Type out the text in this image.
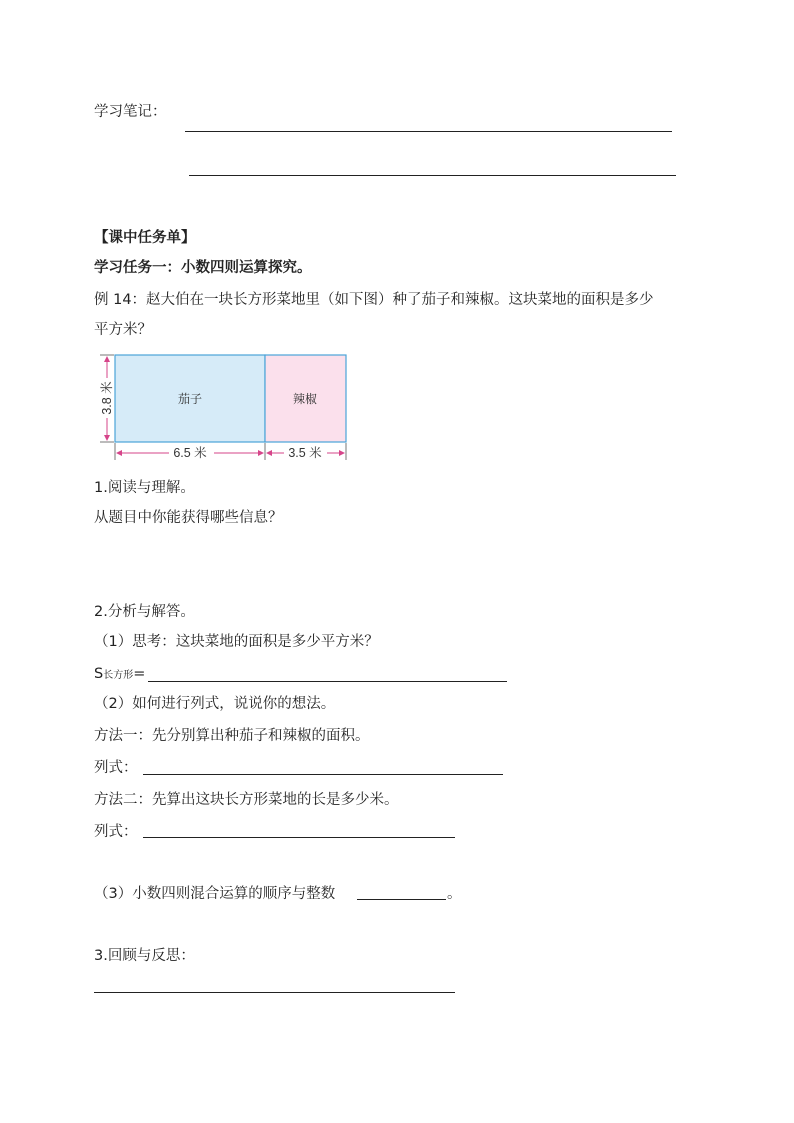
学习笔记：
【课中任务单】
学习任务一：小数四则运算探究。
例 14：赵大伯在一块长方形菜地里（如下图）种了茄子和辣椒。这块菜地的面积是多少
平方米？
茄子	辣椒
3.8 米
6.5 米	3.5 米
1.阅读与理解。
从题目中你能获得哪些信息？
2.分析与解答。
（1）思考：这块菜地的面积是多少平方米？
S长方形=
（2）如何进行列式，说说你的想法。
方法一：先分别算出种茄子和辣椒的面积。
列式：
方法二：先算出这块长方形菜地的长是多少米。
列式：
（3）小数四则混合运算的顺序与整数	。
3.回顾与反思：
